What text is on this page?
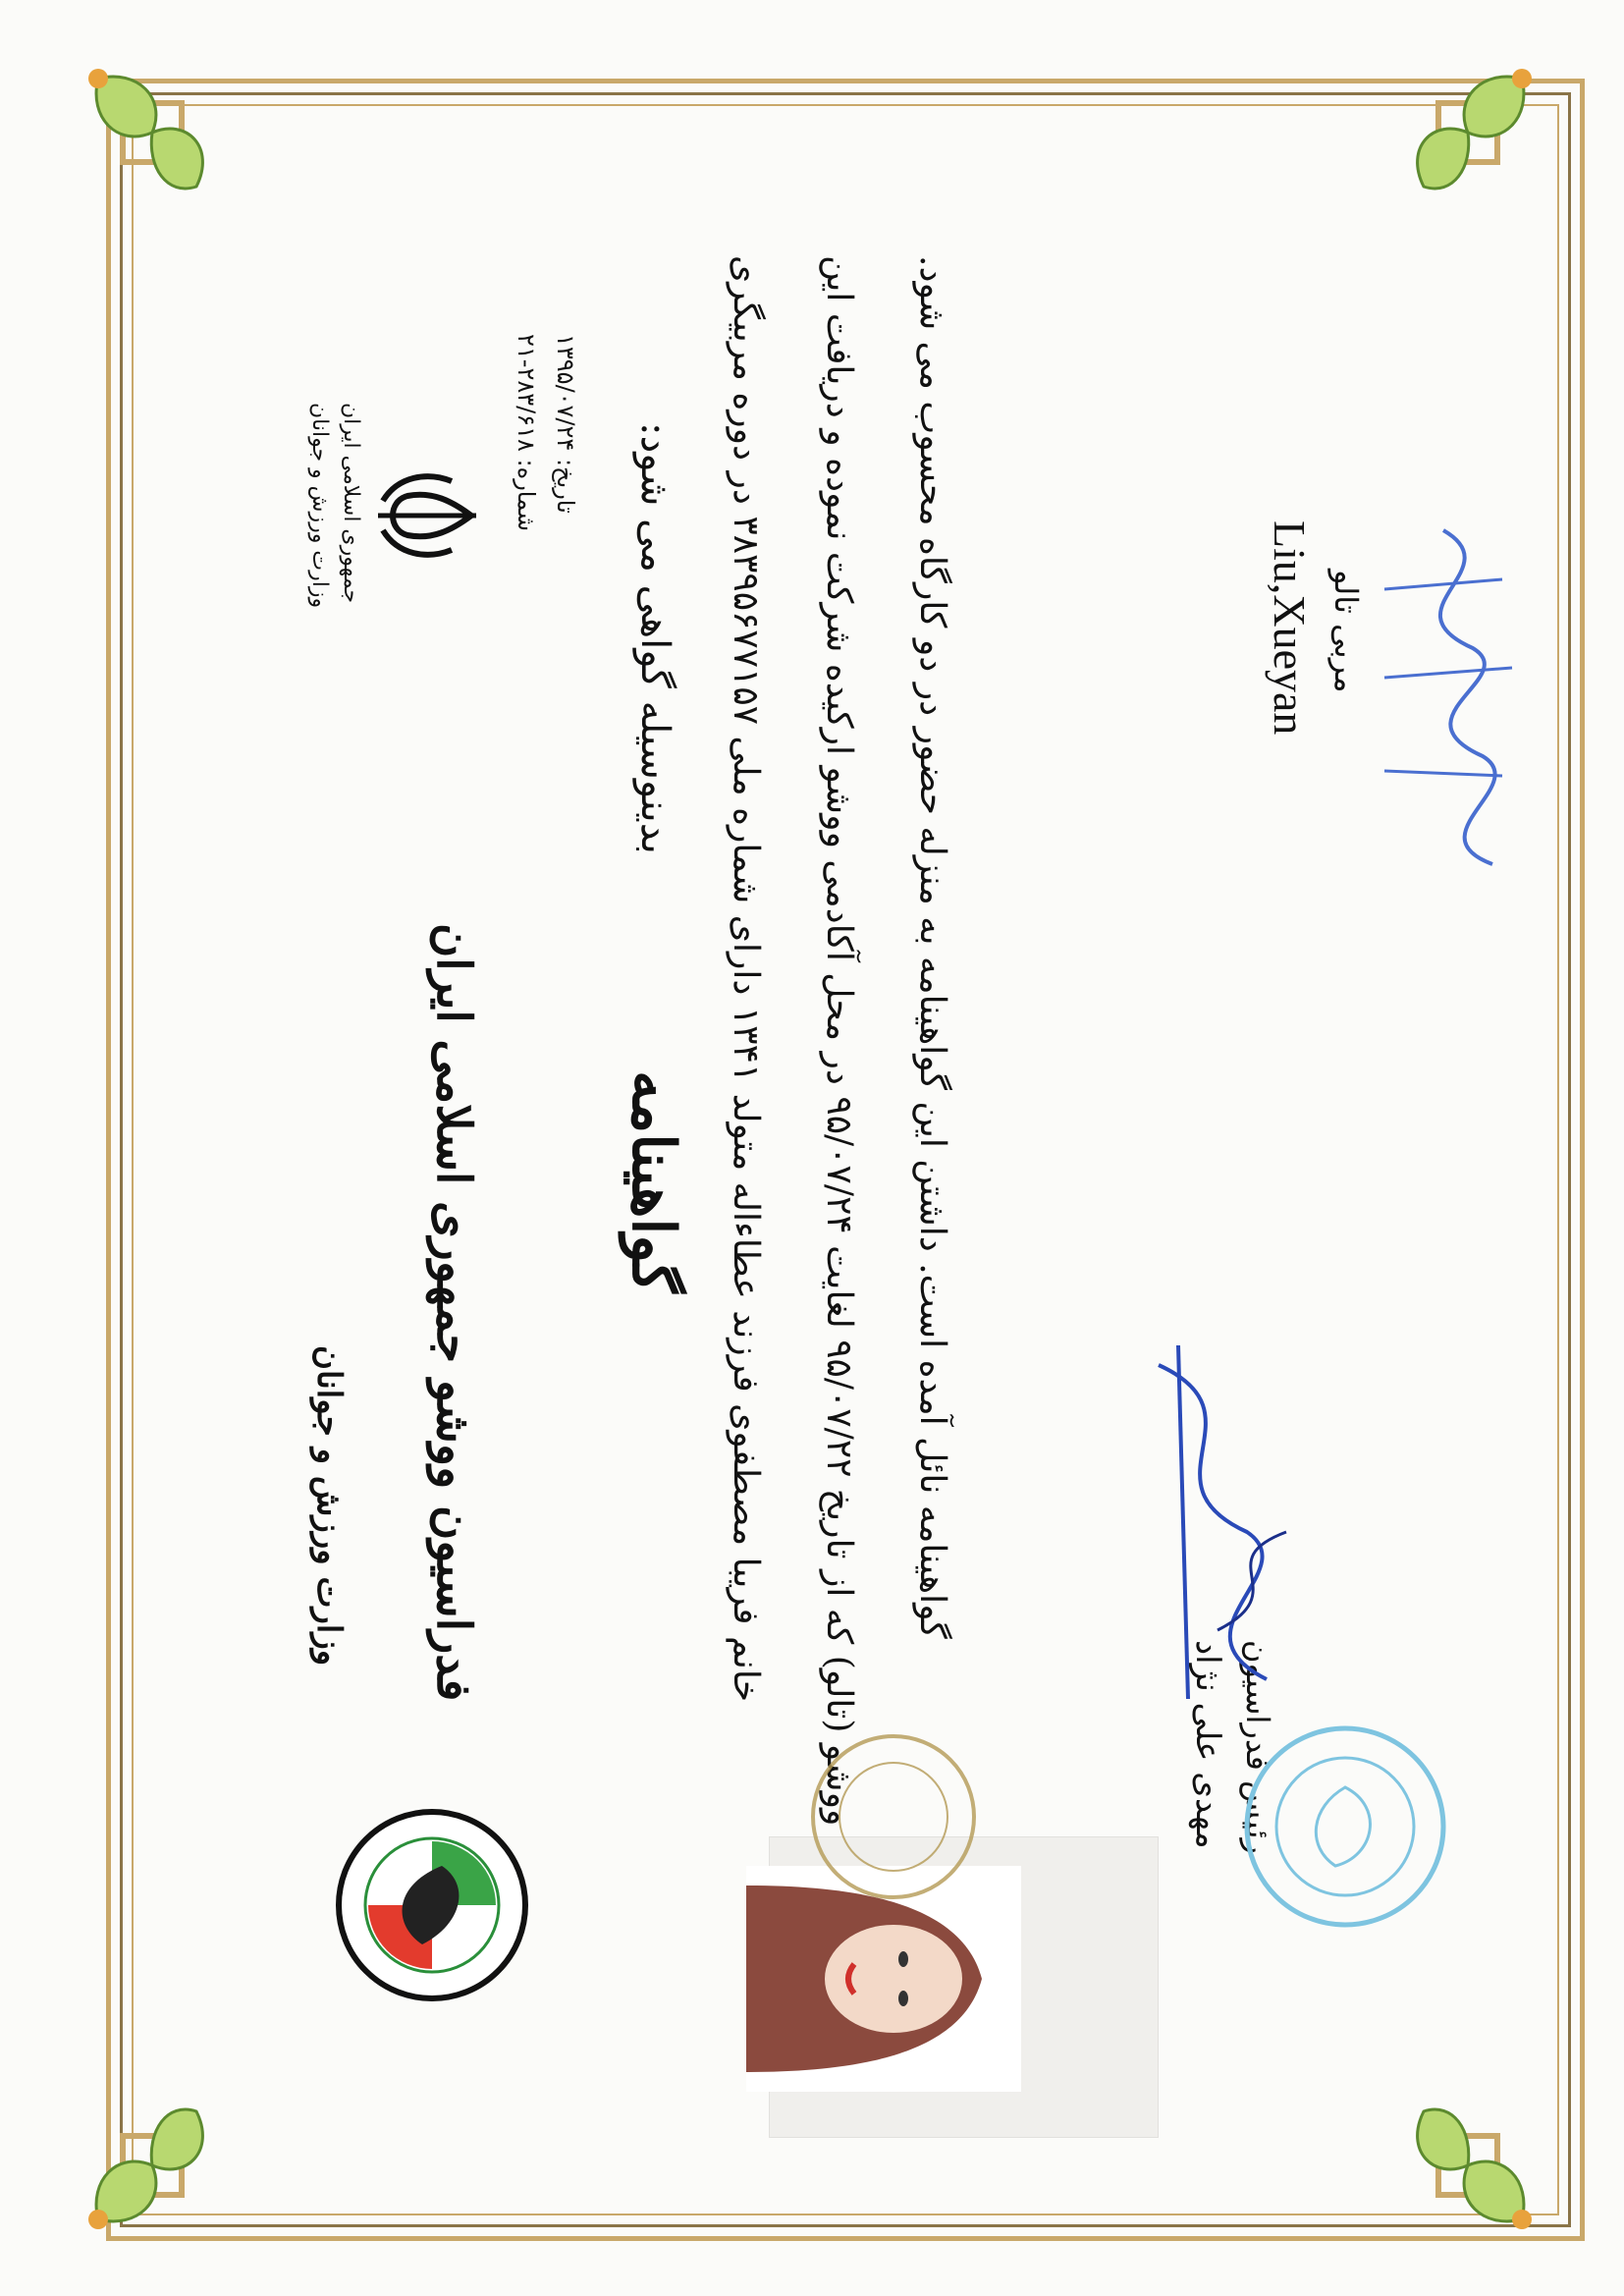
وزارت ورزش و جوانان فدراسیون ووشو جمهوری اسلامی ایران گواهینامه
جمهوری اسلامی ایران
وزارت ورزش و جوانان	تاریخ: ۱۳۹۵/۰۷/۲۴
شماره: ۲۸۳/۶۱۸-۲۱
بدینوسیله گواهی می شود:
خانم فریبا مصطفوی فرزند عطاءاله متولد ۱۳۴۱ دارای شماره ملی ۳۸۳۹۵۶۷۷۱۵۷ در دوره مربیگری
ووشو (تالو) که از تاریخ ۹۵/۰۷/۲۲ لغایت ۹۵/۰۷/۲۴ در محل آکادمی ووشو ارکیده شرکت نموده و دریافت این
گواهینامه نائل آمده است. داشتن این گواهینامه به منزله حضور در دو کارگاه محسوب می شود.
مهدی علی نژاد رئیس فدراسیون
Liu,Xueyan مربی تالو
